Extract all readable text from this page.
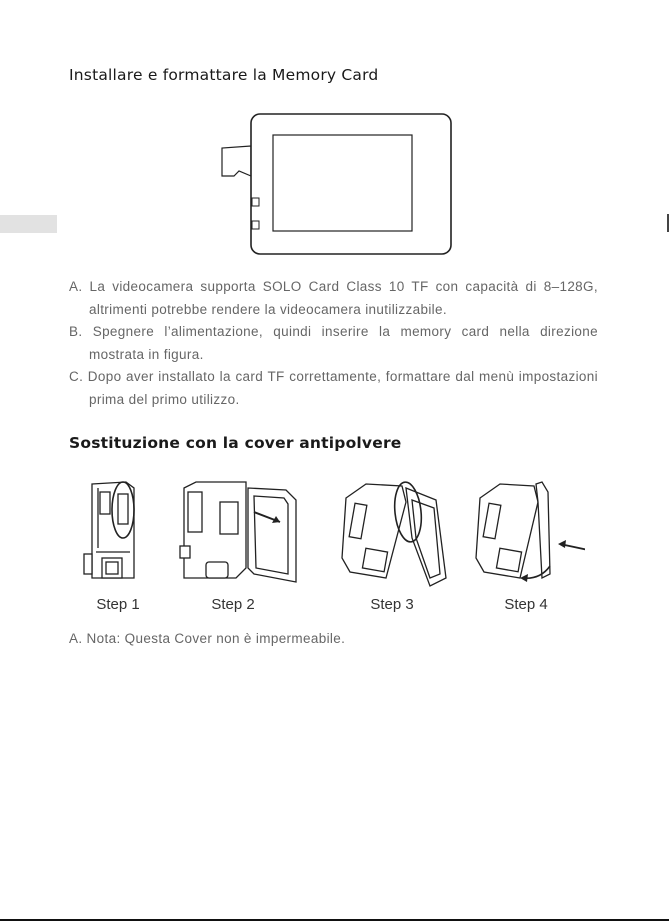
Installare e formattare la Memory Card
A. La videocamera supporta SOLO Card Class 10 TF con capacità di 8–128G, altrimenti potrebbe rendere la videocamera inutilizzabile.
B. Spegnere l’alimentazione, quindi inserire la memory card nella direzione mostrata in figura.
C. Dopo aver installato la card TF correttamente, formattare dal menù impostazioni prima del primo utilizzo.
Sostituzione con la cover antipolvere
Step 1	Step 2	Step 3	Step 4

A. Nota: Questa Cover non è impermeabile.
